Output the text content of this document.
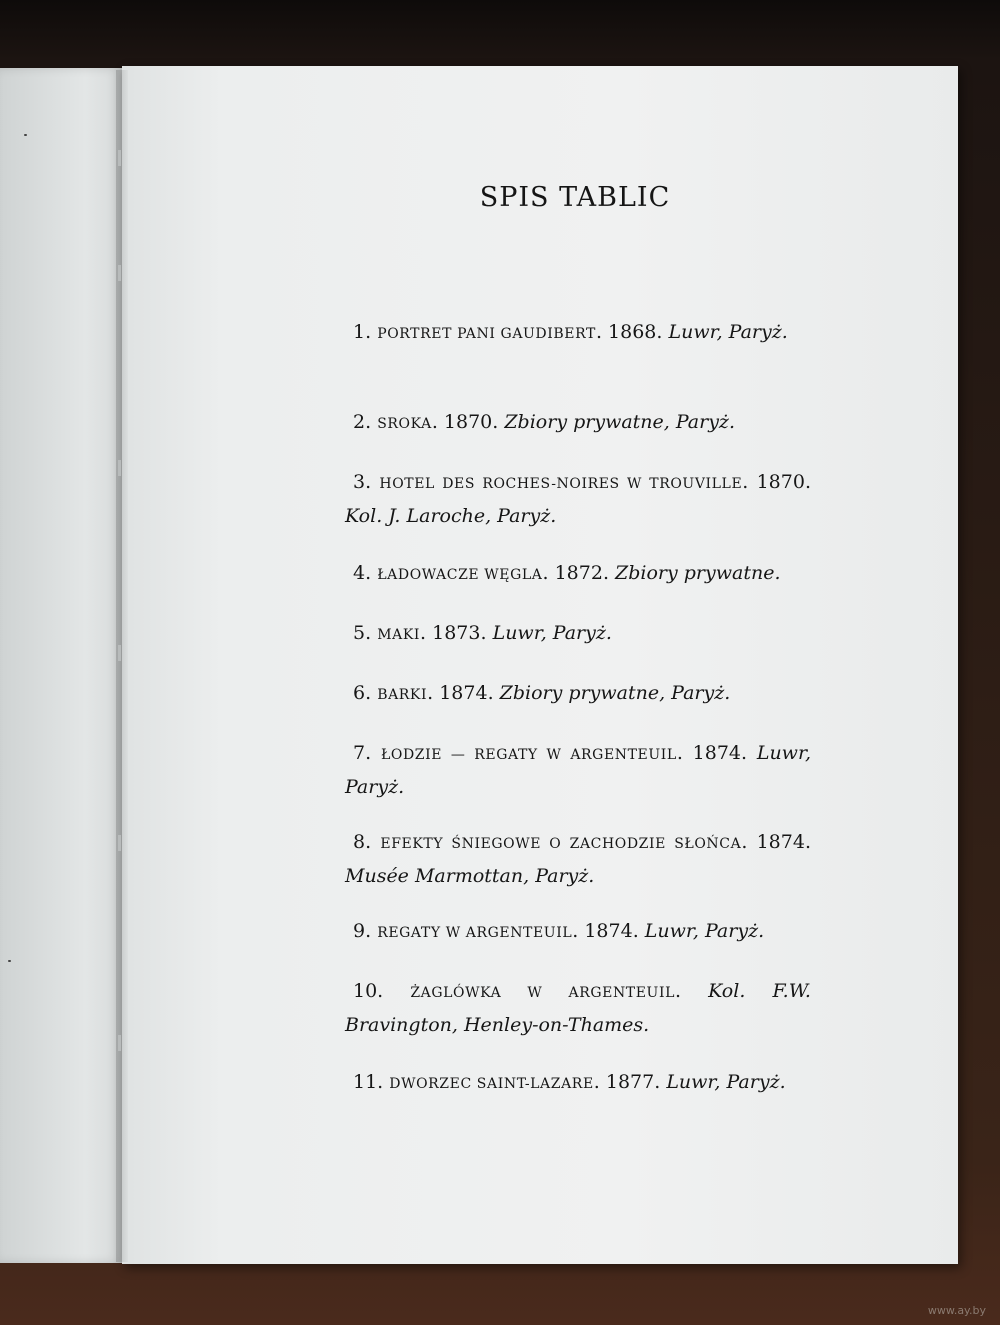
SPIS TABLIC

1. PORTRET PANI GAUDIBERT. 1868. Luwr, Paryż.

2. SROKA. 1870. Zbiory prywatne, Paryż.

3. HOTEL DES ROCHES-NOIRES W TROUVILLE. 1870. Kol. J. Laroche, Paryż.

4. ŁADOWACZE WĘGLA. 1872. Zbiory prywatne.

5. MAKI. 1873. Luwr, Paryż.

6. BARKI. 1874. Zbiory prywatne, Paryż.

7. ŁODZIE — REGATY W ARGENTEUIL. 1874. Luwr, Paryż.

8. EFEKTY ŚNIEGOWE O ZACHODZIE SŁOŃCA. 1874. Musée Marmottan, Paryż.

9. REGATY W ARGENTEUIL. 1874. Luwr, Paryż.

10. ŻAGLÓWKA W ARGENTEUIL. Kol. F.W. Bravington, Henley-on-Thames.

11. DWORZEC SAINT-LAZARE. 1877. Luwr, Paryż.

www.ay.by
